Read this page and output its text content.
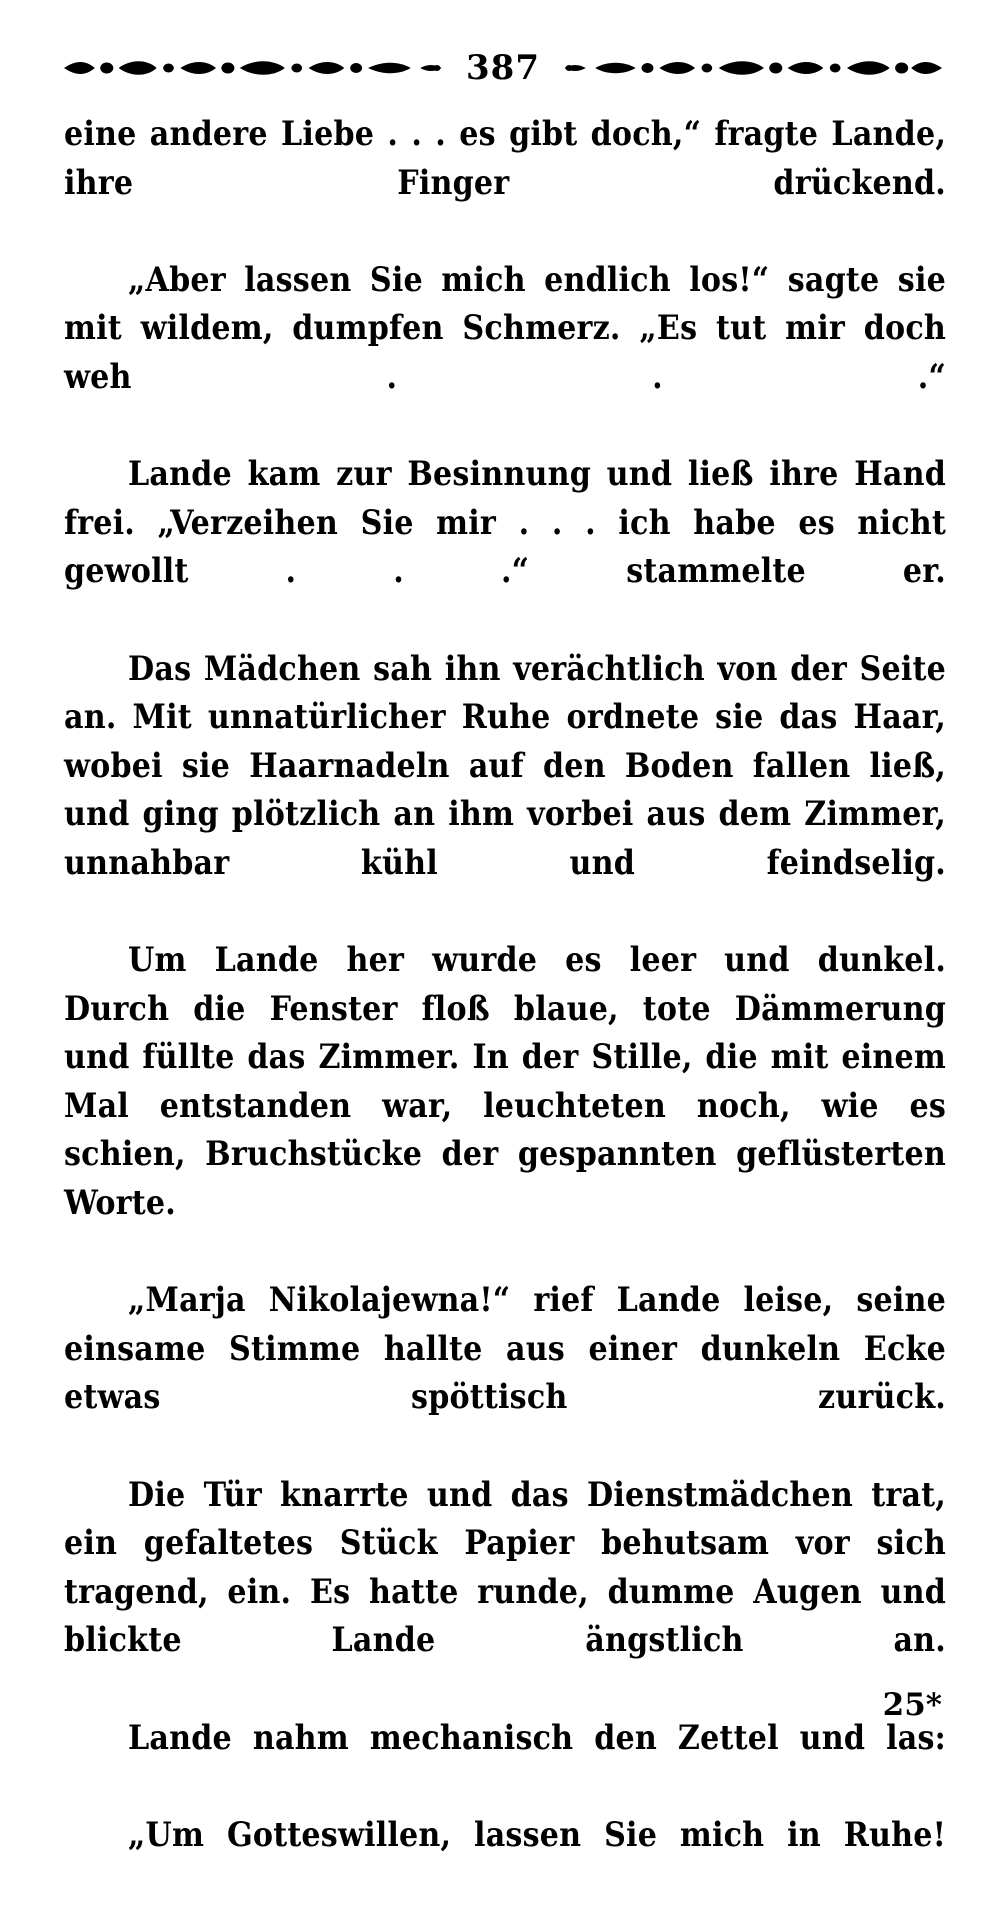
387

eine andere Liebe . . . es gibt doch,“ fragte Lande, ihre Finger drückend.

„Aber lassen Sie mich endlich los!“ sagte sie mit wildem, dumpfen Schmerz. „Es tut mir doch weh . . .“

Lande kam zur Besinnung und ließ ihre Hand frei. „Verzeihen Sie mir . . . ich habe es nicht gewollt . . .“ stammelte er.

Das Mädchen sah ihn verächtlich von der Seite an. Mit unnatürlicher Ruhe ordnete sie das Haar, wobei sie Haarnadeln auf den Boden fallen ließ, und ging plötzlich an ihm vorbei aus dem Zimmer, unnahbar kühl und feindselig.

Um Lande her wurde es leer und dunkel. Durch die Fenster floß blaue, tote Dämmerung und füllte das Zimmer. In der Stille, die mit einem Mal entstanden war, leuchteten noch, wie es schien, Bruchstücke der gespannten geflüsterten Worte.

„Marja Nikolajewna!“ rief Lande leise, seine einsame Stimme hallte aus einer dunkeln Ecke etwas spöttisch zurück.

Die Tür knarrte und das Dienstmädchen trat, ein gefaltetes Stück Papier behutsam vor sich tragend, ein. Es hatte runde, dumme Augen und blickte Lande ängstlich an.

Lande nahm mechanisch den Zettel und las:

„Um Gotteswillen, lassen Sie mich in Ruhe!

25*
